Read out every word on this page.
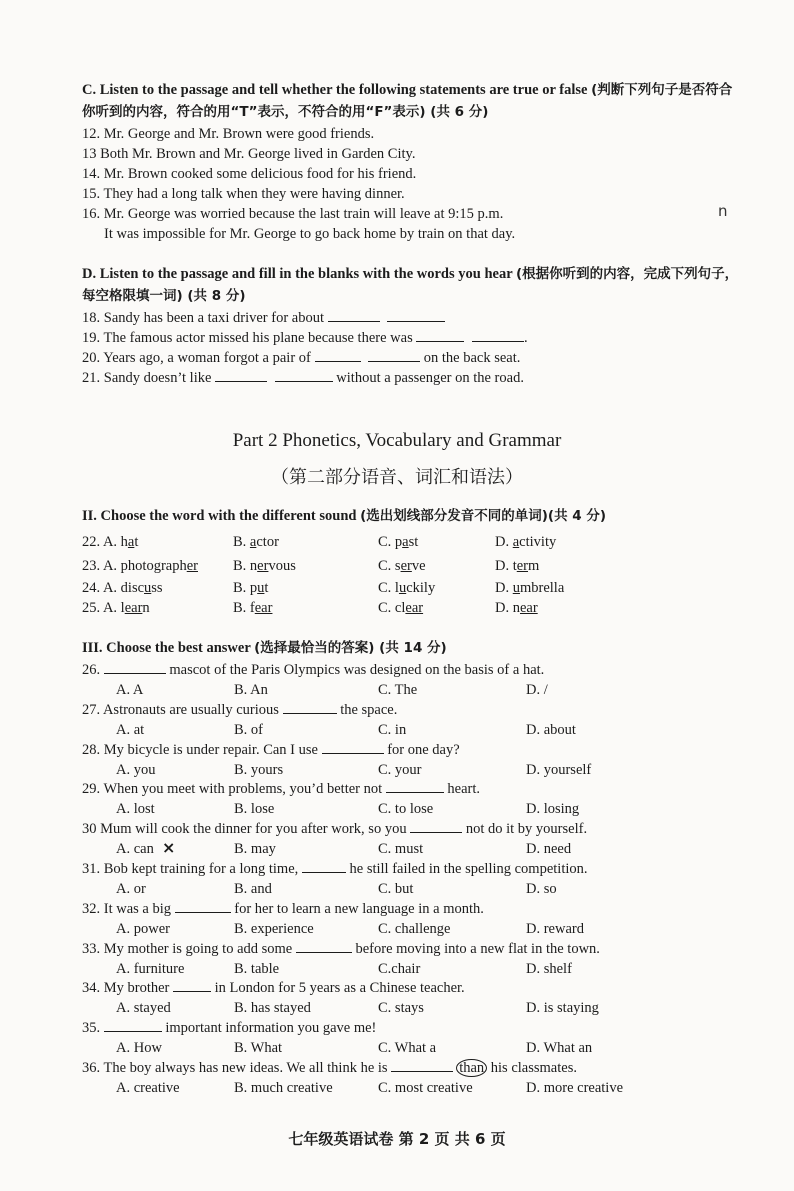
C. Listen to the passage and tell whether the following statements are true or false (判断下列句子是否符合
你听到的内容，符合的用“T”表示，不符合的用“F”表示) (共 6 分)
12. Mr. George and Mr. Brown were good friends.
13 Both Mr. Brown and Mr. George lived in Garden City.
14. Mr. Brown cooked some delicious food for his friend.
15. They had a long talk when they were having dinner.
16. Mr. George was worried because the last train will leave at 9:15 p.m.	n
It was impossible for Mr. George to go back home by train on that day.
D. Listen to the passage and fill in the blanks with the words you hear (根据你听到的内容，完成下列句子，
每空格限填一词) (共 8 分)
18. Sandy has been a taxi driver for about
19. The famous actor missed his plane because there was	.
20. Years ago, a woman forgot a pair of	on the back seat.
21. Sandy doesn’t like	without a passenger on the road.
Part 2 Phonetics, Vocabulary and Grammar
（第二部分语音、词汇和语法）
II. Choose the word with the different sound (选出划线部分发音不同的单词)(共 4 分)
22. A. hat	B. actor	C. past	D. activity
23. A. photographer B. nervous	C. serve	D. term
24. A. discuss	B. put	C. luckily	D. umbrella
25. A. learn	B. fear	C. clear	D. near
III. Choose the best answer (选择最恰当的答案) (共 14 分)
26.	mascot of the Paris Olympics was designed on the basis of a hat.
A. A	B. An	C. The	D. /
27. Astronauts are usually curious	the space.
A. at	B. of	C. in	D. about
28. My bicycle is under repair. Can I use	for one day?
A. you	B. yours	C. your	D. yourself
29. When you meet with problems, you’d better not	heart.
A. lost	B. lose	C. to lose	D. losing
30 Mum will cook the dinner for you after work, so you	not do it by yourself.
A. can	B. may	C. must	D. need
×
31. Bob kept training for a long time,	he still failed in the spelling competition.
A. or	B. and	C. but	D. so
32. It was a big	for her to learn a new language in a month.
A. power	B. experience	C. challenge	D. reward
33. My mother is going to add some	before moving into a new flat in the town.
A. furniture	B. table	C.chair	D. shelf
34. My brother	in London for 5 years as a Chinese teacher.
A. stayed	B. has stayed	C. stays	D. is staying
35.	important information you gave me!
A. How	B. What	C. What a	D. What an
36. The boy always has new ideas. We all think he is	than his classmates.
A. creative	B. much creative	C. most creative	D. more creative
七年级英语试卷 第 2 页 共 6 页
